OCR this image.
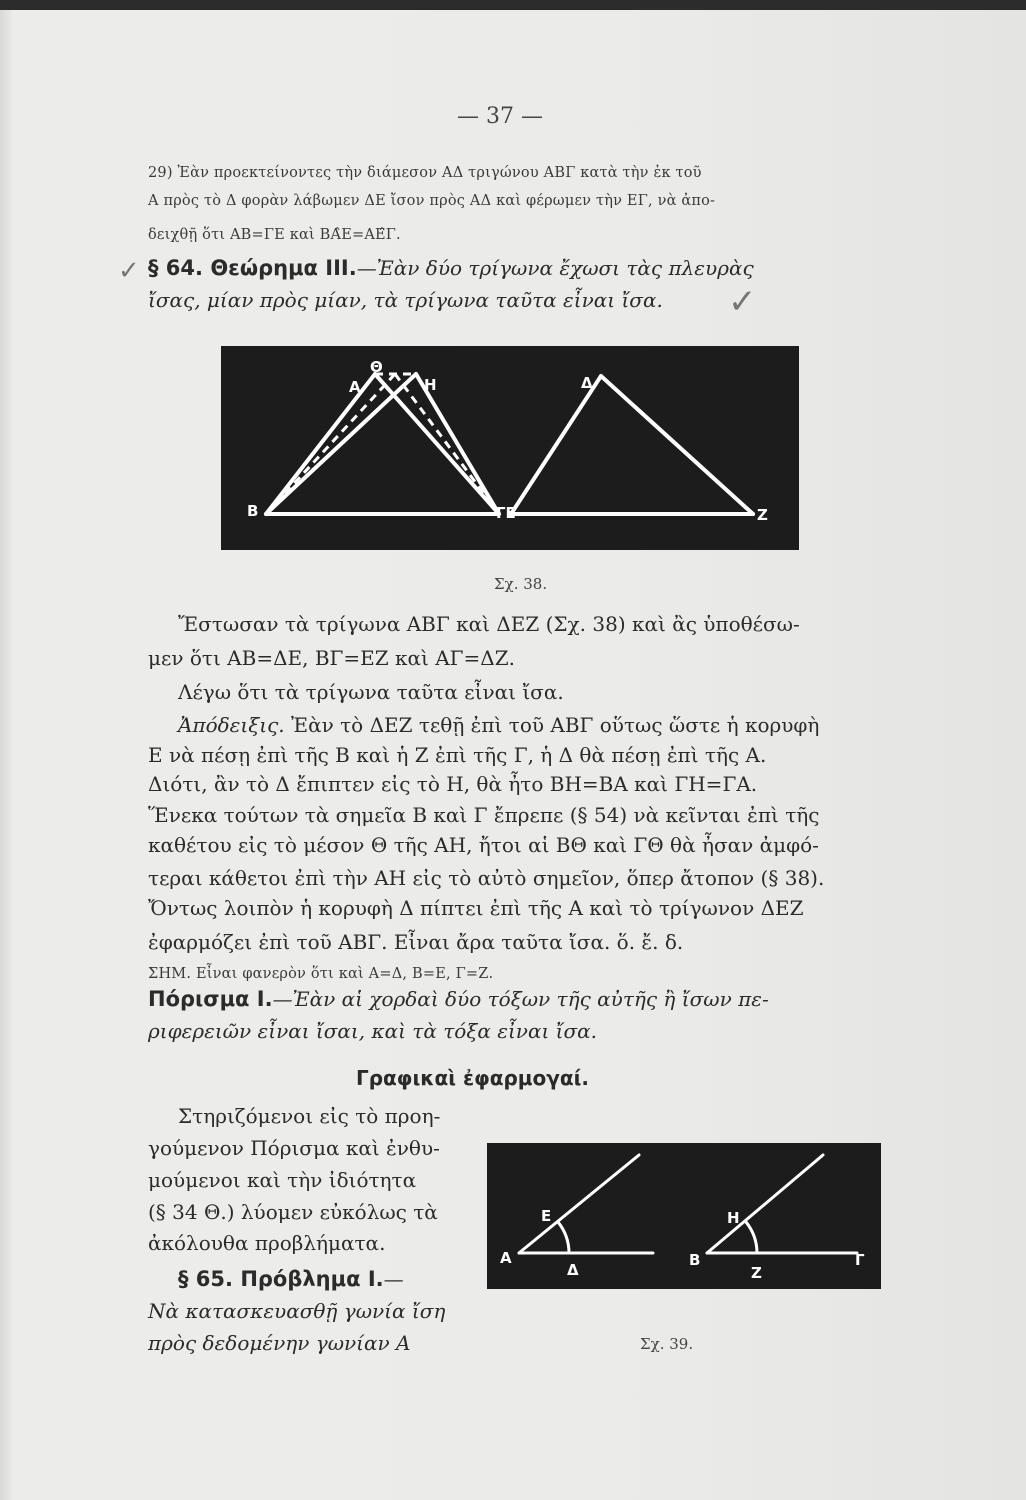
— 37 —
29) Ἐὰν προεκτείνοντες τὴν διάμεσον ΑΔ τριγώνου ΑΒΓ κατὰ τὴν ἐκ τοῦ
Α πρὸς τὸ Δ φορὰν λάβωμεν ΔΕ ἴσον πρὸς ΑΔ καὶ φέρωμεν τὴν ΕΓ, νὰ ἀπο-
δειχθῇ ὅτι ΑΒ=ΓΕ καὶ ΒΑ̂Ε=ΑΕ̂Γ.
✓ § 64. Θεώρημα III.—Ἐὰν δύο τρίγωνα ἔχωσι τὰς πλευρὰς
ἴσας, μίαν πρὸς μίαν, τὰ τρίγωνα ταῦτα εἶναι ἴσα. ✓
Α
Θ
Η	Δ
Β	ΓΕ	Ζ
Σχ. 38.
Ἔστωσαν τὰ τρίγωνα ΑΒΓ καὶ ΔΕΖ (Σχ. 38) καὶ ἂς ὑποθέσω-
μεν ὅτι ΑΒ=ΔΕ, ΒΓ=ΕΖ καὶ ΑΓ=ΔΖ.
Λέγω ὅτι τὰ τρίγωνα ταῦτα εἶναι ἴσα.
Ἀπόδειξις. Ἐὰν τὸ ΔΕΖ τεθῇ ἐπὶ τοῦ ΑΒΓ οὕτως ὥστε ἡ κορυφὴ
Ε νὰ πέσῃ ἐπὶ τῆς Β καὶ ἡ Ζ ἐπὶ τῆς Γ, ἡ Δ θὰ πέσῃ ἐπὶ τῆς Α.
Διότι, ἂν τὸ Δ ἔπιπτεν εἰς τὸ Η, θὰ ἦτο ΒΗ=ΒΑ καὶ ΓΗ=ΓΑ.
Ἕνεκα τούτων τὰ σημεῖα Β καὶ Γ ἔπρεπε (§ 54) νὰ κεῖνται ἐπὶ τῆς
καθέτου εἰς τὸ μέσον Θ τῆς ΑΗ, ἤτοι αἱ ΒΘ καὶ ΓΘ θὰ ἦσαν ἀμφό-
τεραι κάθετοι ἐπὶ τὴν ΑΗ εἰς τὸ αὐτὸ σημεῖον, ὅπερ ἄτοπον (§ 38).
Ὄντως λοιπὸν ἡ κορυφὴ Δ πίπτει ἐπὶ τῆς Α καὶ τὸ τρίγωνον ΔΕΖ
ἐφαρμόζει ἐπὶ τοῦ ΑΒΓ. Εἶναι ἄρα ταῦτα ἴσα. ὅ. ἔ. δ.
ΣΗΜ. Εἶναι φανερὸν ὅτι καὶ Α=Δ, Β=Ε, Γ=Ζ.
Πόρισμα I.—Ἐὰν αἱ χορδαὶ δύο τόξων τῆς αὐτῆς ἢ ἴσων πε-
ριφερειῶν εἶναι ἴσαι, καὶ τὰ τόξα εἶναι ἴσα.
Γραφικαὶ ἐφαρμογαί.
Στηριζόμενοι εἰς τὸ προη-
γούμενον Πόρισμα καὶ ἐνθυ-
μούμενοι καὶ τὴν ἰδιότητα
(§ 34 Θ.) λύομεν εὐκόλως τὰ
ἀκόλουθα προβλήματα.
§ 65. Πρόβλημα I.—
Νὰ κατασκευασθῇ γωνία ἴση
πρὸς δεδομένην γωνίαν Α
Α
Ε
Δ
Β
Η
Ζ
Γ
Σχ. 39.
